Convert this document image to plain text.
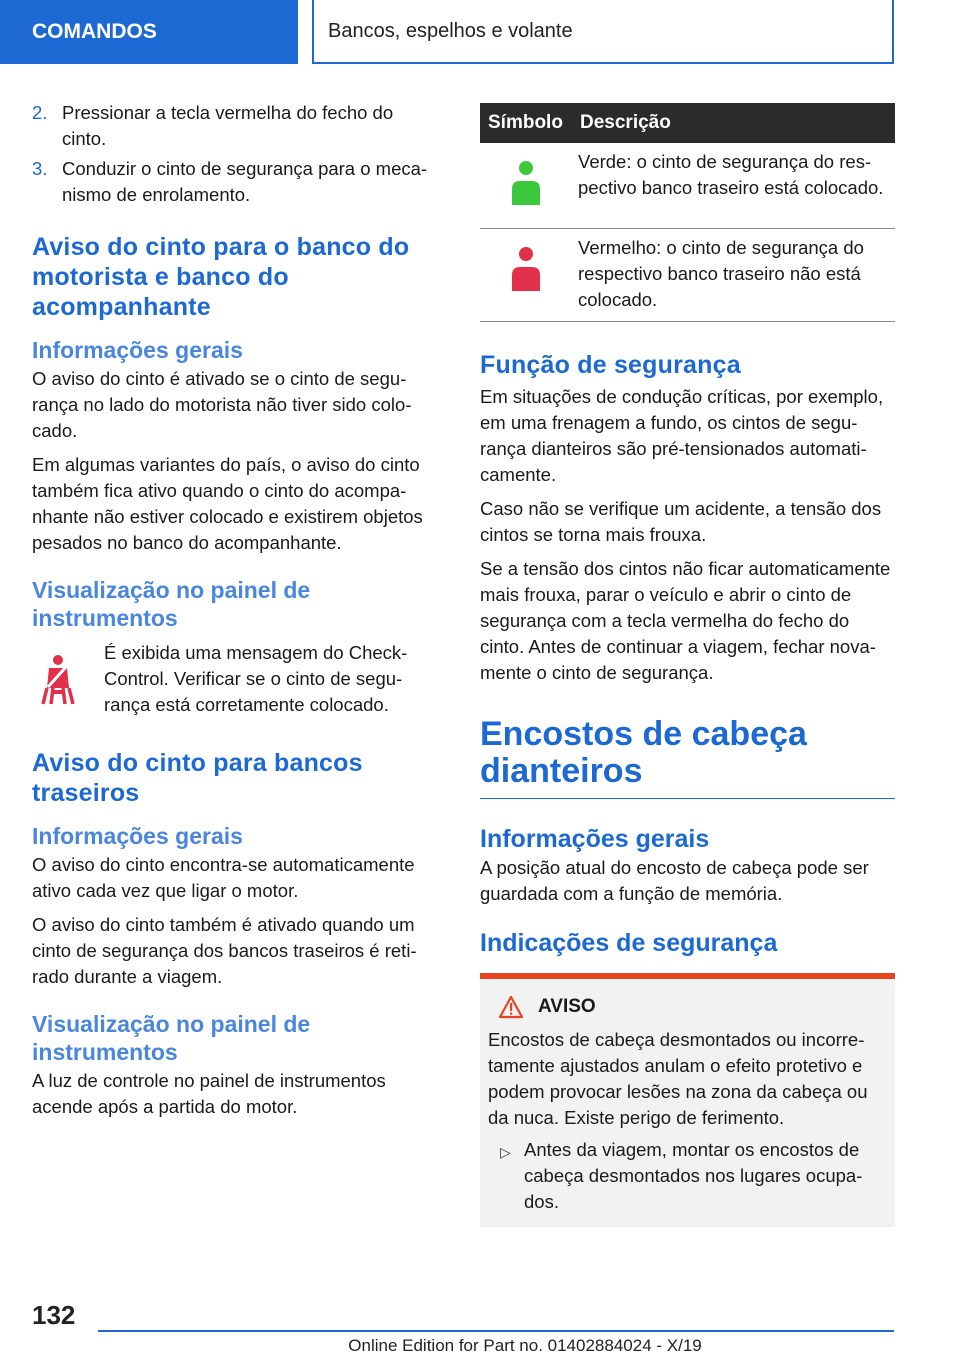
COMANDOS	Bancos, espelhos e volante
2. Pressionar a tecla vermelha do fecho do cinto.
3. Conduzir o cinto de segurança para o mecanismo de enrolamento.
Aviso do cinto para o banco do motorista e banco do acompanhante
Informações gerais

O aviso do cinto é ativado se o cinto de segurança no lado do motorista não tiver sido colocado.

Em algumas variantes do país, o aviso do cinto também fica ativo quando o cinto do acompanhante não estiver colocado e existirem objetos pesados no banco do acompanhante.

Visualização no painel de instrumentos
É exibida uma mensagem do Check-Control. Verificar se o cinto de segurança está corretamente colocado.
Aviso do cinto para bancos traseiros
Informações gerais

O aviso do cinto encontra-se automaticamente ativo cada vez que ligar o motor.

O aviso do cinto também é ativado quando um cinto de segurança dos bancos traseiros é retirado durante a viagem.

Visualização no painel de instrumentos

A luz de controle no painel de instrumentos acende após a partida do motor.

Símbolo	Descrição
	Verde: o cinto de segurança do respectivo banco traseiro está colocado.
	Vermelho: o cinto de segurança do respectivo banco traseiro não está colocado.
Função de segurança

Em situações de condução críticas, por exemplo, em uma frenagem a fundo, os cintos de segurança dianteiros são pré-tensionados automaticamente.

Caso não se verifique um acidente, a tensão dos cintos se torna mais frouxa.

Se a tensão dos cintos não ficar automaticamente mais frouxa, parar o veículo e abrir o cinto de segurança com a tecla vermelha do fecho do cinto. Antes de continuar a viagem, fechar novamente o cinto de segurança.

Encostos de cabeça dianteiros
Informações gerais

A posição atual do encosto de cabeça pode ser guardada com a função de memória.

Indicações de segurança
AVISO

Encostos de cabeça desmontados ou incorretamente ajustados anulam o efeito protetivo e podem provocar lesões na zona da cabeça ou da nuca. Existe perigo de ferimento.

▷ Antes da viagem, montar os encostos de cabeça desmontados nos lugares ocupados.
132
Online Edition for Part no. 01402884024 - X/19
